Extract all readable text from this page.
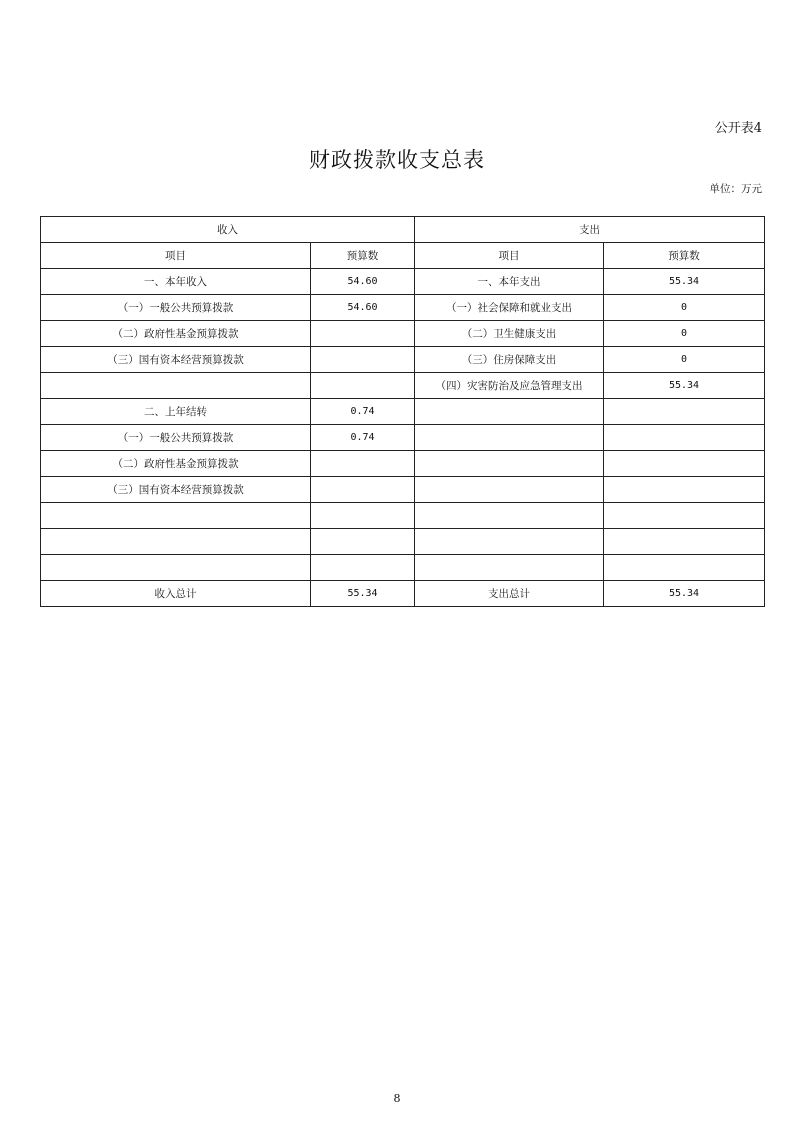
公开表4
财政拨款收支总表
单位：万元
收入		支出	
项目	预算数	项目	预算数
一、本年收入	54.60	一、本年支出	55.34
（一）一般公共预算拨款	54.60	（一）社会保障和就业支出	0
（二）政府性基金预算拨款		（二）卫生健康支出	0
（三）国有资本经营预算拨款		（三）住房保障支出	0
		（四）灾害防治及应急管理支出	55.34
二、上年结转	0.74		
（一）一般公共预算拨款	0.74		
（二）政府性基金预算拨款			
（三）国有资本经营预算拨款			

收入总计	55.34	支出总计	55.34
8
